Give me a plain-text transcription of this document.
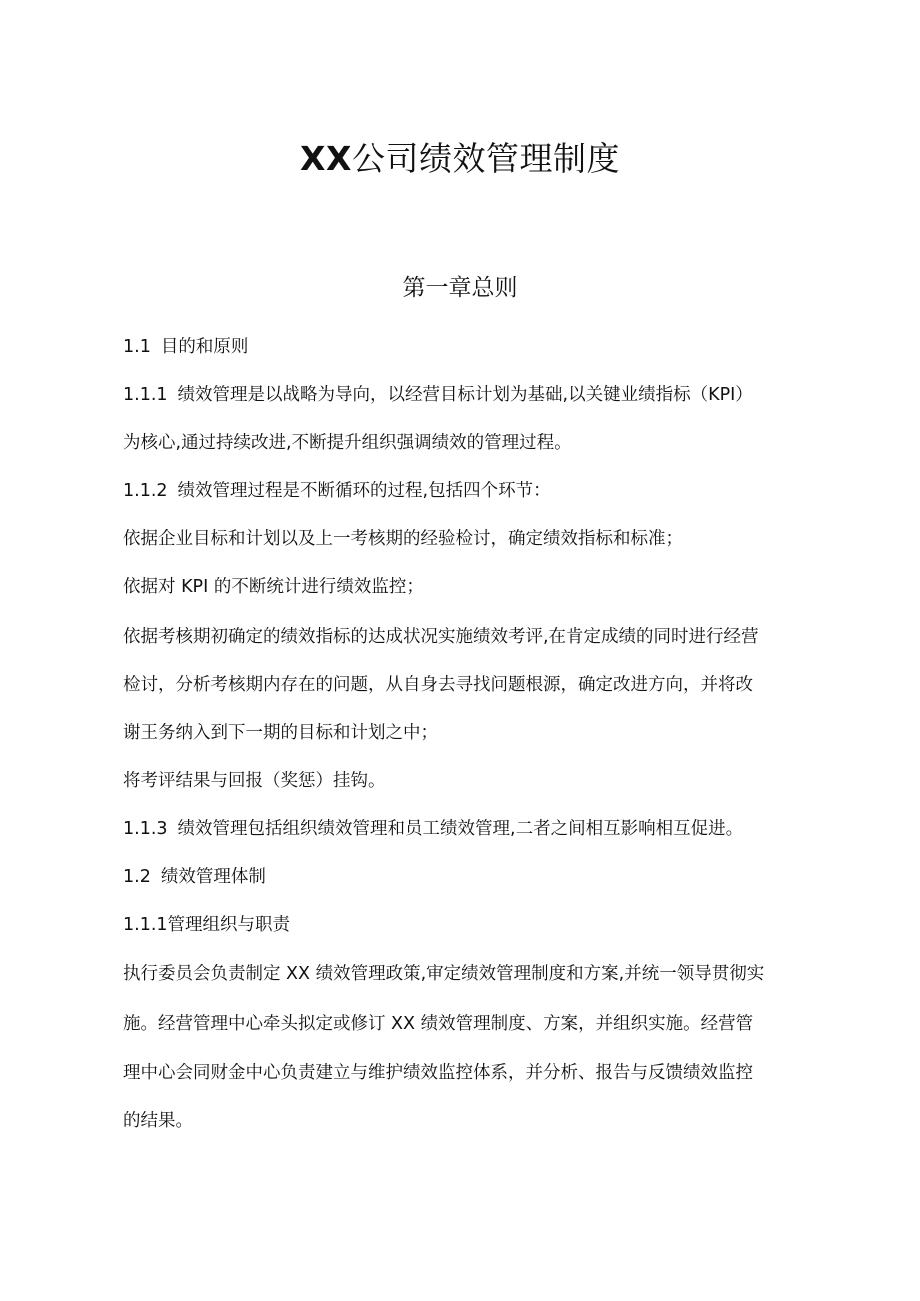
XX公司绩效管理制度
第一章总则
1.1 目的和原则
1.1.1 绩效管理是以战略为导向，以经营目标计划为基础,以关键业绩指标（KPI）
为核心,通过持续改进,不断提升组织强调绩效的管理过程。
1.1.2 绩效管理过程是不断循环的过程,包括四个环节：
依据企业目标和计划以及上一考核期的经验检讨，确定绩效指标和标准；
依据对 KPI 的不断统计进行绩效监控；
依据考核期初确定的绩效指标的达成状况实施绩效考评,在肯定成绩的同时进行经营
检讨，分析考核期内存在的问题，从自身去寻找问题根源，确定改进方向，并将改
谢王务纳入到下一期的目标和计划之中；
将考评结果与回报（奖惩）挂钩。
1.1.3 绩效管理包括组织绩效管理和员工绩效管理,二者之间相互影响相互促进。
1.2 绩效管理体制
1.1.1管理组织与职责
执行委员会负责制定 XX 绩效管理政策,审定绩效管理制度和方案,并统一领导贯彻实
施。经营管理中心牵头拟定或修订 XX 绩效管理制度、方案，并组织实施。经营管
理中心会同财金中心负责建立与维护绩效监控体系，并分析、报告与反馈绩效监控
的结果。
